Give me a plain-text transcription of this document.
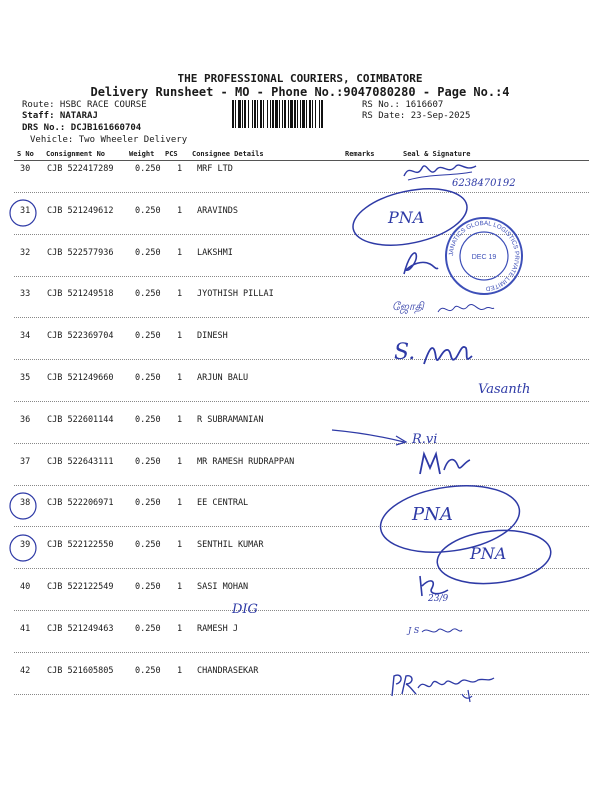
THE PROFESSIONAL COURIERS, COIMBATORE
Delivery Runsheet - MO - Phone No.:9047080280 - Page No.:4
Route: HSBC RACE COURSE
Staff: NATARAJ
DRS No.: DCJB161660704
Vehicle: Two Wheeler Delivery
RS No.: 1616607
RS Date: 23-Sep-2025
S No Consignment No	Weight PCS Consignee Details	Remarks	Seal & Signature
30 CJB 522417289	0.250 1 MRF LTD
31 CJB 521249612	0.250 1 ARAVINDS
32 CJB 522577936	0.250 1 LAKSHMI
33 CJB 521249518	0.250 1 JYOTHISH PILLAI
34 CJB 522369704	0.250 1 DINESH
35 CJB 521249660	0.250 1 ARJUN BALU
36 CJB 522601144	0.250 1 R SUBRAMANIAN
37 CJB 522643111	0.250 1 MR RAMESH RUDRAPPAN
38 CJB 522206971	0.250 1 EE CENTRAL
39 CJB 522122550	0.250 1 SENTHIL KUMAR
40 CJB 522122549	0.250 1 SASI MOHAN
41 CJB 521249463	0.250 1 RAMESH J
42 CJB 521605805	0.250 1 CHANDRASEKAR
6238470192
PNA
JANATICS GLOBAL LOGISTICS PRIVATE LIMITED
DEC 19
ஜோதி
S.
Vasanth
R.vi
PNA
PNA
23/9
DIG
J S
